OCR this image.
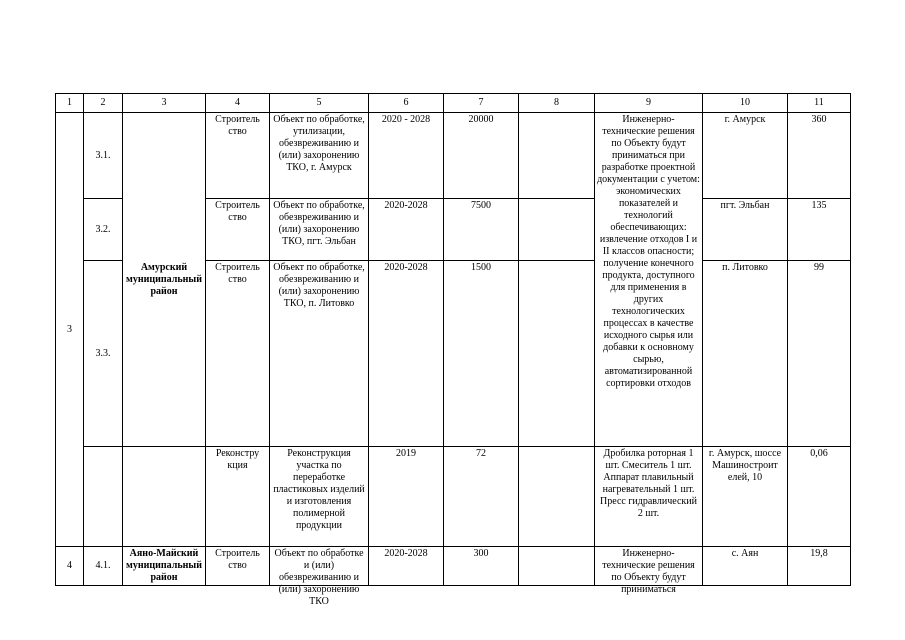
1	2	3	4	5	6	7	8	9	10	11
3	3.1.	Амурский муниципальный район	Строитель ство	Объект по обработке, утилизации, обезвреживанию и (или) захоронению ТКО, г. Амурск	2020 - 2028	20000		Инженерно-технические решения по Объекту будут приниматься при разработке проектной документации с учетом: экономических показателей и технологий обеспечивающих: извлечение отходов I и II классов опасности; получение конечного продукта, доступного для применения в других технологических процессах в качестве исходного сырья или добавки к основному сырью, автоматизированной сортировки отходов	г. Амурск	360
	3.2.		Строитель ство	Объект по обработке, обезвреживанию и (или) захоронению ТКО, пгт. Эльбан	2020-2028	7500			пгт. Эльбан	135
	3.3.		Строитель ство	Объект по обработке, обезвреживанию и (или) захоронению ТКО, п. Литовко	2020-2028	1500			п. Литовко	99
			Реконстру кция	Реконструкция участка по переработке пластиковых изделий и изготовления полимерной продукции	2019	72		Дробилка роторная 1 шт. Смеситель 1 шт. Аппарат плавильный нагревательный 1 шт. Пресс гидравлический 2 шт.	г. Амурск, шоссе Машиностроит елей, 10	0,06
4	4.1.	Аяно-Майский муниципальный район	Строитель ство	Объект по обработке и (или) обезвреживанию и (или) захоронению ТКО	2020-2028	300		Инженерно-технические решения по Объекту будут приниматься	с. Аян	19,8
